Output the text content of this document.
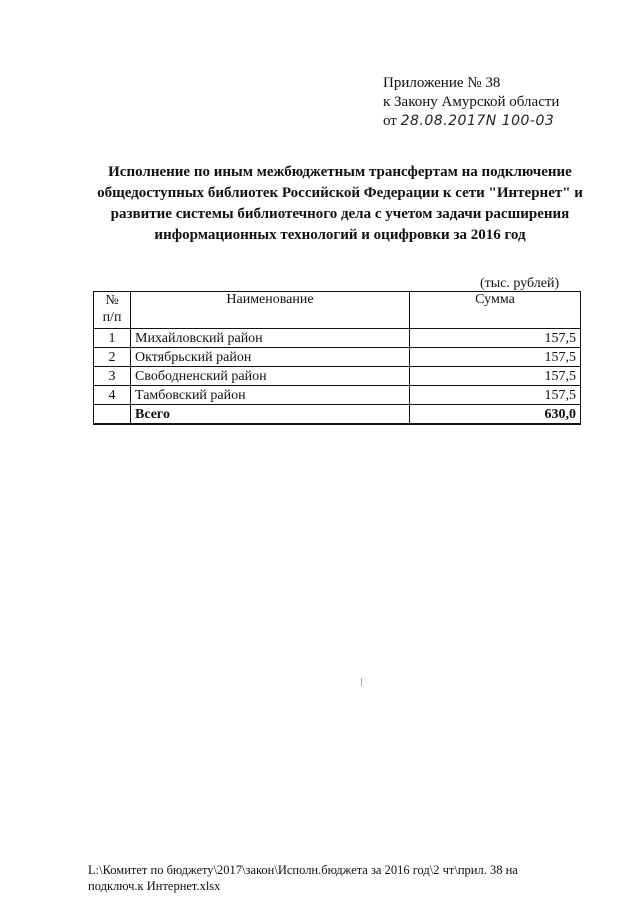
Приложение № 38
к Закону Амурской области
от 28.08.2017N 100-03
Исполнение по иным межбюджетным трансфертам на подключение общедоступных библиотек Российской Федерации к сети "Интернет" и развитие системы библиотечного дела с учетом задачи расширения информационных технологий и оцифровки за 2016 год
(тыс. рублей)
№
п/п	Наименование	Сумма
1	Михайловский район	157,5
2	Октябрьский район	157,5
3	Свободненский район	157,5
4	Тамбовский район	157,5
	Всего	630,0
L:\Комитет по бюджету\2017\закон\Исполн.бюджета за 2016 год\2 чт\прил. 38 на подключ.к Интернет.xlsx
